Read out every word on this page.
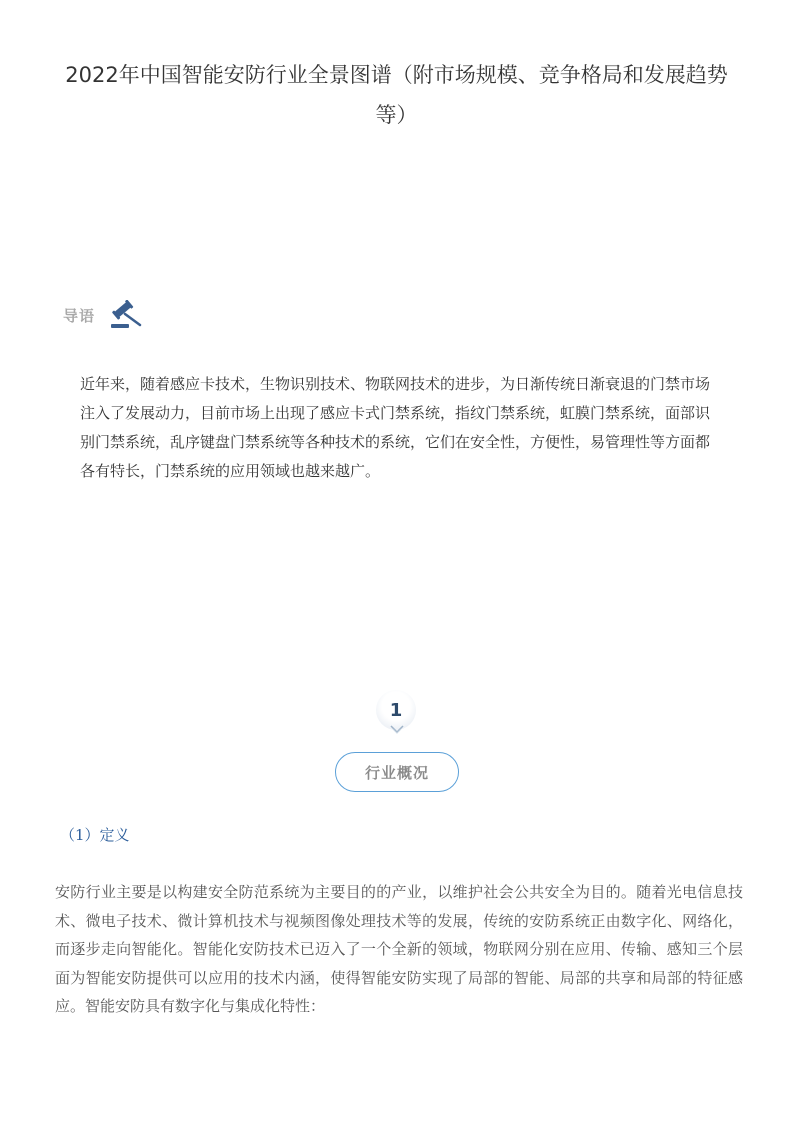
2022年中国智能安防行业全景图谱（附市场规模、竞争格局和发展趋势等）
导语

近年来，随着感应卡技术，生物识别技术、物联网技术的进步，为日渐传统日渐衰退的门禁市场注入了发展动力，目前市场上出现了感应卡式门禁系统，指纹门禁系统，虹膜门禁系统，面部识别门禁系统，乱序键盘门禁系统等各种技术的系统，它们在安全性，方便性，易管理性等方面都各有特长，门禁系统的应用领域也越来越广。

1
行业概况
（1）定义

安防行业主要是以构建安全防范系统为主要目的的产业，以维护社会公共安全为目的。随着光电信息技术、微电子技术、微计算机技术与视频图像处理技术等的发展，传统的安防系统正由数字化、网络化，而逐步走向智能化。智能化安防技术已迈入了一个全新的领域，物联网分别在应用、传输、感知三个层面为智能安防提供可以应用的技术内涵，使得智能安防实现了局部的智能、局部的共享和局部的特征感应。智能安防具有数字化与集成化特性：
